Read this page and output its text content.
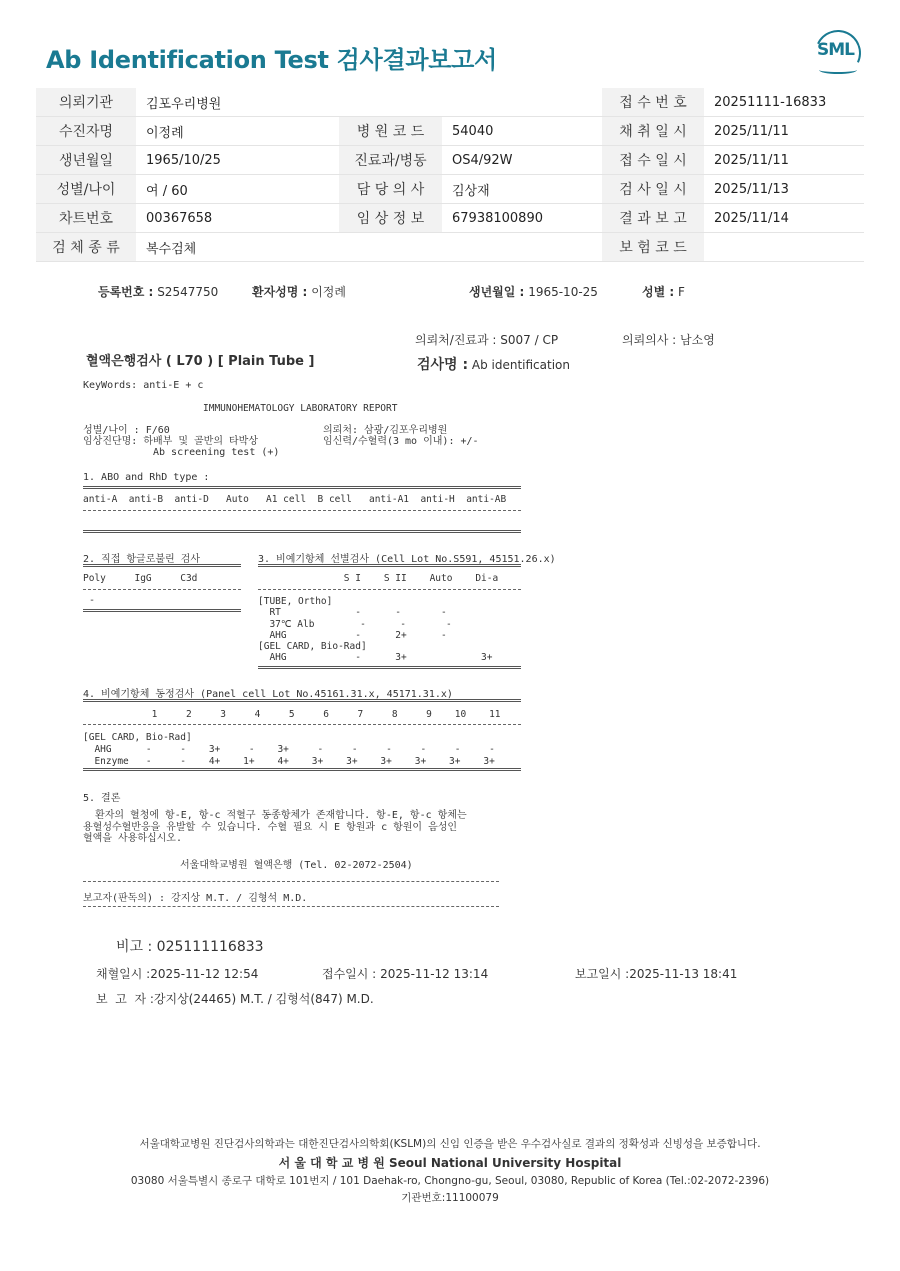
Ab Identification Test 검사결과보고서	SML
의뢰기관	김포우리병원			접 수 번 호	20251111-16833
수진자명	이정례	병 원 코 드	54040	채 취 일 시	2025/11/11
생년월일	1965/10/25	진료과/병동	OS4/92W	접 수 일 시	2025/11/11
성별/나이	여 / 60	담 당 의 사	김상재	검 사 일 시	2025/11/13
차트번호	00367658	임 상 정 보	67938100890	결 과 보 고	2025/11/14
검 체 종 류	복수검체			보 험 코 드	
등록번호 : S2547750	환자성명 : 이정례	생년월일 : 1965-10-25	성별 : F
의뢰처/진료과 : S007 / CP	의뢰의사 : 남소영
혈액은행검사 ( L70 ) [ Plain Tube ]	검사명 : Ab identification
KeyWords: anti-E + c
IMMUNOHEMATOLOGY LABORATORY REPORT
성별/나이 : F/60
임상진단명: 하배부 및 골반의 타박상
Ab screening test (+)
의뢰처: 삼광/김포우리병원
임신력/수혈력(3 mo 이내): +/-
1. ABO and RhD type :
anti-A  anti-B  anti-D   Auto   A1 cell  B cell   anti-A1  anti-H  anti-AB
2. 직접 항글로불린 검사
Poly     IgG     C3d
-
3. 비예기항체 선별검사 (Cell Lot No.S591, 45151.26.x)
S I    S II    Auto    Di-a
[TUBE, Ortho]
RT             -      -       -
37℃ Alb        -      -       -
AHG            -      2+      -
[GEL CARD, Bio-Rad]
AHG            -      3+             3+
4. 비예기항체 동정검사 (Panel cell Lot No.45161.31.x, 45171.31.x)
1     2     3     4     5     6     7     8     9    10    11
[GEL CARD, Bio-Rad]
AHG      -     -    3+     -    3+     -     -     -     -     -     -
Enzyme   -     -    4+    1+    4+    3+    3+    3+    3+    3+    3+
5. 결론
환자의 혈청에 항-E, 항-c 적혈구 동종항체가 존재합니다. 항-E, 항-c 항체는
용혈성수혈반응을 유발할 수 있습니다. 수혈 필요 시 E 항원과 c 항원이 음성인
혈액을 사용하십시오.
서울대학교병원 혈액은행 (Tel. 02-2072-2504)
보고자(판독의) : 강지상 M.T. / 김형석 M.D.
비고 : 025111116833
채혈일시 :2025-11-12 12:54	접수일시 : 2025-11-12 13:14	보고일시 :2025-11-13 18:41
보  고  자 :강지상(24465) M.T. / 김형석(847) M.D.
서울대학교병원 진단검사의학과는 대한진단검사의학회(KSLM)의 신임 인증을 받은 우수검사실로 결과의 정확성과 신빙성을 보증합니다.
서 울 대 학 교 병 원 Seoul National University Hospital
03080 서울특별시 종로구 대학로 101번지 / 101 Daehak-ro, Chongno-gu, Seoul, 03080, Republic of Korea (Tel.:02-2072-2396)
기관번호:11100079
